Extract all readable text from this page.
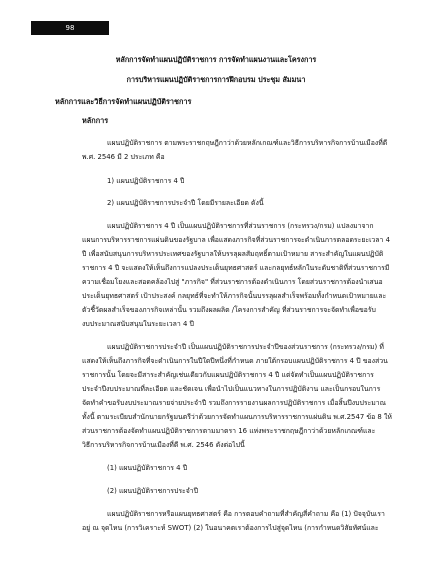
98
หลักการจัดทำแผนปฏิบัติราชการ การจัดทำแผนงานและโครงการ
การบริหารแผนปฏิบัติราชการการฝึกอบรม ประชุม สัมมนา
หลักการและวิธีการจัดทำแผนปฏิบัติราชการ
หลักการ
แผนปฏิบัติราชการ ตามพระราชกฤษฎีกาว่าด้วยหลักเกณฑ์และวิธีการบริหารกิจการบ้านเมืองที่ดี
พ.ศ. 2546 มี 2 ประเภท คือ
1) แผนปฏิบัติราชการ 4 ปี
2) แผนปฏิบัติราชการประจำปี โดยมีรายละเอียด ดังนี้
แผนปฏิบัติราชการ 4 ปี เป็นแผนปฏิบัติราชการที่ส่วนราชการ (กระทรวง/กรม) แปลงมาจาก
แผนการบริหารราชการแผ่นดินของรัฐบาล เพื่อแสดงภารกิจที่ส่วนราชการจะดำเนินการตลอดระยะเวลา 4
ปี เพื่อสนับสนุนการบริหารประเทศของรัฐบาลให้บรรลุผลสัมฤทธิ์ตามเป้าหมาย สาระสำคัญในแผนปฏิบัติ
ราชการ 4 ปี จะแสดงให้เห็นถึงการแปลงประเด็นยุทธศาสตร์ และกลยุทธ์หลักในระดับชาติที่ส่วนราชการมี
ความเชื่อมโยงและสอดคล้องไปสู่ "ภารกิจ" ที่ส่วนราชการต้องดำเนินการ โดยส่วนราชการต้องนำเสนอ
ประเด็นยุทธศาสตร์ เป้าประสงค์ กลยุทธ์ที่จะทำให้ภารกิจนั้นบรรลุผลสำเร็จพร้อมทั้งกำหนดเป้าหมายและ
ตัวชี้วัดผลสำเร็จของภารกิจเหล่านั้น รวมถึงผลผลิต /โครงการสำคัญ ที่ส่วนราชการจะจัดทำเพื่อขอรับ
งบประมาณสนับสนุนในระยะเวลา 4 ปี
แผนปฏิบัติราชการประจำปี เป็นแผนปฏิบัติราชการประจำปีของส่วนราชการ (กระทรวง/กรม) ที่
แสดงให้เห็นถึงภารกิจที่จะดำเนินการในปีใดปีหนึ่งที่กำหนด ภายใต้กรอบแผนปฏิบัติราชการ 4 ปี ของส่วน
ราชการนั้น โดยจะมีสาระสำคัญเช่นเดียวกับแผนปฏิบัติราชการ 4 ปี แต่จัดทำเป็นแผนปฏิบัติราชการ
ประจำปีงบประมาณที่ละเอียด และชัดเจน เพื่อนำไปเป็นแนวทางในการปฏิบัติงาน และเป็นกรอบในการ
จัดทำคำขอรับงบประมาณรายจ่ายประจำปี รวมถึงการรายงานผลการปฏิบัติราชการ เมื่อสิ้นปีงบประมาณ
ทั้งนี้ ตามระเบียบสำนักนายกรัฐมนตรีว่าด้วยการจัดทำแผนการบริหารราชการแผ่นดิน พ.ศ.2547 ข้อ 8 ให้
ส่วนราชการต้องจัดทำแผนปฏิบัติราชการตามมาตรา 16 แห่งพระราชกฤษฎีกาว่าด้วยหลักเกณฑ์และ
วิธีการบริหารกิจการบ้านเมืองที่ดี พ.ศ. 2546 ดังต่อไปนี้
(1) แผนปฏิบัติราชการ 4 ปี
(2) แผนปฏิบัติราชการประจำปี
แผนปฏิบัติราชการหรือแผนยุทธศาสตร์ คือ การตอบคำถามที่สำคัญสี่คำถาม คือ (1) ปัจจุบันเรา
อยู่ ณ จุดไหน (การวิเคราะห์ SWOT) (2) ในอนาคตเราต้องการไปสู่จุดไหน (การกำหนดวิสัยทัศน์และ
